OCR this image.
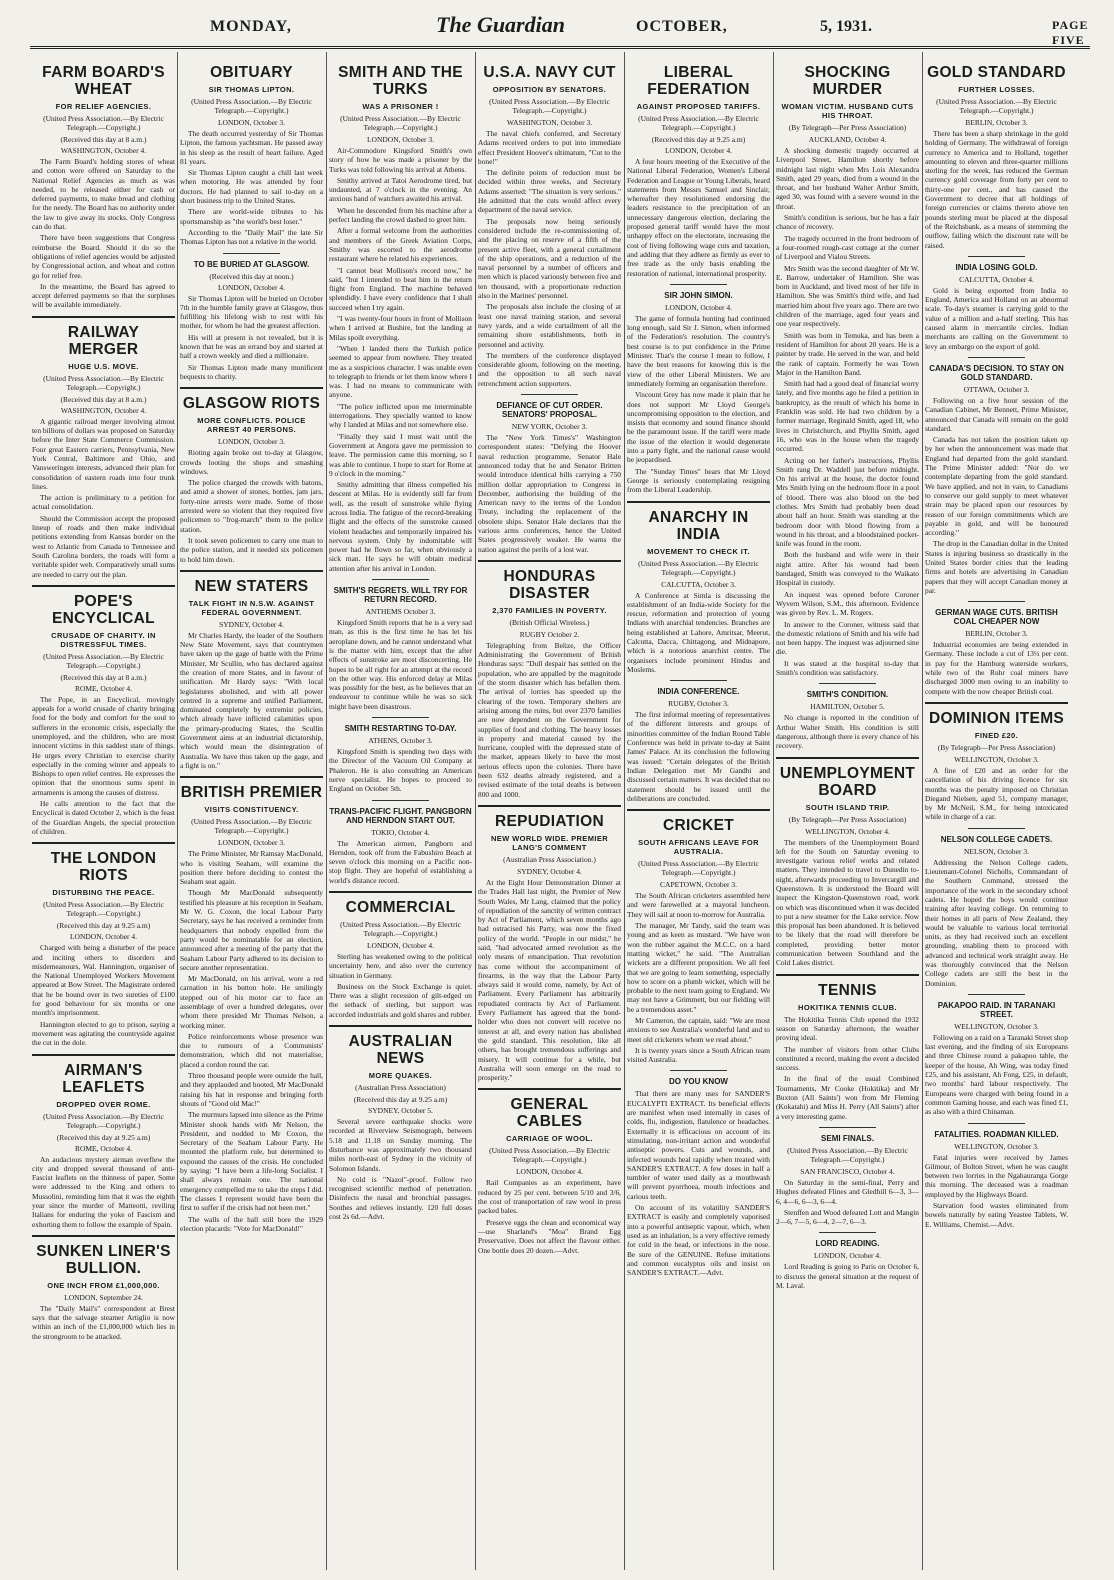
MONDAY,	The Guardian	OCTOBER,	5, 1931.	PAGE FIVE
FARM BOARD'S WHEAT
FOR RELIEF AGENCIES.
(United Press Association.—By Electric Telegraph.—Copyright.)
(Received this day at 8 a.m.)
WASHINGTON, October 4.

The Farm Board's holding stores of wheat and cotton were offered on Saturday to the National Relief Agencies as much as was needed, to be released either for cash or deferred payments, to make bread and clothing for the needy. The Board has no authority under the law to give away its stocks. Only Congress can do that.

There have been suggestions that Congress reimburse the Board. Should it do so the obligations of relief agencies would be adjusted by Congressional action, and wheat and cotton go for relief free.

In the meantime, the Board has agreed to accept deferred payments so that the surpluses will be available immediately.

RAILWAY MERGER
HUGE U.S. MOVE.
(United Press Association.—By Electric Telegraph.—Copyright.)
(Received this day at 8 a.m.)
WASHINGTON, October 4.

A gigantic railroad merger involving almost ten billions of dollars was proposed on Saturday before the Inter State Commerce Commission. Four great Eastern carriers, Pennsylvania, New York Central, Baltimore and Ohio, and Vansweringen interests, advanced their plan for consolidation of eastern roads into four trunk lines.

The action is preliminary to a petition for actual consolidation.

Should the Commission accept the proposed lineup of roads and then make individual petitions extending from Kansas border on the west to Atlantic from Canada to Tennessee and South Carolina borders, the roads will form a veritable spider web. Comparatively small sums are needed to carry out the plan.

POPE'S ENCYCLICAL
CRUSADE OF CHARITY. IN DISTRESSFUL TIMES.
(United Press Association.—By Electric Telegraph.—Copyright.)
(Received this day at 8 a.m.)
ROME, October 4.

The Pope, in an Encyclical, movingly appeals for a world crusade of charity bringing food for the body and comfort for the soul to sufferers in the economic crisis, especially the unemployed, and the children, who are most innocent victims in this saddest state of things. He urges every Christian to exercise charity especially in the coming winter and appeals to Bishops to open relief centres. He expresses the opinion that the enormous sums spent in armaments is among the causes of distress.

He calls attention to the fact that the Encyclical is dated October 2, which is the feast of the Guardian Angels, the special protection of children.

THE LONDON RIOTS
DISTURBING THE PEACE.
(United Press Association.—By Electric Telegraph.—Copyright.)
(Received this day at 9.25 a.m)
LONDON, October 4.

Charged with being a disturber of the peace and inciting others to disorders and misdemeanours, Wal. Hannington, organiser of the National Unemployed Workers Movement appeared at Bow Street. The Magistrate ordered that he be bound over in two sureties of £100 for good behaviour for six months or one month's imprisonment.

Hannington elected to go to prison, saying a movement was agitating the countryside against the cut in the dole.

AIRMAN'S LEAFLETS
DROPPED OVER ROME.
(United Press Association.—By Electric Telegraph.—Copyright.)
(Received this day at 9.25 a.m)
ROME, October 4.

An audacious mystery airman overflew the city and dropped several thousand of anti-Fascist leaflets on the thinness of paper. Some were addressed to the King and others to Mussolini, reminding him that it was the eighth year since the murder of Matteotti, reviling Italians for enduring the yoke of Fascism and exhorting them to follow the example of Spain.

SUNKEN LINER'S BULLION.
ONE INCH FROM £1,000,000.
LONDON, September 24.

The "Daily Mail's" correspondent at Brest says that the salvage steamer Artiglio is now within an inch of the £1,000,000 which lies in the strongroom to be attacked.

OBITUARY
SIR THOMAS LIPTON.
(United Press Association.—By Electric Telegraph.—Copyright.)
LONDON, October 3.

The death occurred yesterday of Sir Thomas Lipton, the famous yachtsman. He passed away in his sleep as the result of heart failure. Aged 81 years.

Sir Thomas Lipton caught a chill last week when motoring. He was attended by four doctors. He had planned to sail to-day on a short business trip to the United States.

There are world-wide tributes to his sportsmanship as "the world's best loser."

According to the "Daily Mail" the late Sir Thomas Lipton has not a relative in the world.

TO BE BURIED AT GLASGOW.
(Received this day at noon.)
LONDON, October 4.

Sir Thomas Lipton will be buried on October 7th in the humble family grave at Glasgow, thus fulfilling his lifelong wish to rest with his mother, for whom he had the greatest affection.

His will at present is not revealed, but it is known that he was an errand boy and started at half a crown weekly and died a millionaire.

Sir Thomas Lipton made many munificent bequests to charity.

GLASGOW RIOTS
MORE CONFLICTS. POLICE ARREST 40 PERSONS.
LONDON, October 3.

Rioting again broke out to-day at Glasgow, crowds looting the shops and smashing windows.

The police charged the crowds with batons, and amid a shower of stones, bottles, jam jars, forty-nine arrests were made. Some of those arrested were so violent that they required five policemen to "frog-march" them to the police station.

It took seven policemen to carry one man to the police station, and it needed six policemen to hold him down.

NEW STATERS
TALK FIGHT IN N.S.W. AGAINST FEDERAL GOVERNMENT.
SYDNEY, October 4.

Mr Charles Hardy, the leader of the Southern New State Movement, says that countrymen have taken up the gage of battle with the Prime Minister, Mr Scullin, who has declared against the creation of more States, and in favour of unification. Mr Hardy says: "With local legislatures abolished, and with all power centred in a supreme and unified Parliament, dominated completely by extremist policies, which already have inflicted calamities upon the primary-producing States, the Scullin Government aims at an industrial dictatorship, which would mean the disintegration of Australia. We have thus taken up the gage, and a fight is on."

BRITISH PREMIER
VISITS CONSTITUENCY.
(United Press Association.—By Electric Telegraph.—Copyright.)
LONDON, October 3.

The Prime Minister, Mr Ramsay MacDonald, who is visiting Seaham, will examine the position there before deciding to contest the Seaham seat again.

Though Mr MacDonald subsequently testified his pleasure at his reception in Seaham, Mr W. G. Coxon, the local Labour Party Secretary, says he has received a reminder from headquarters that nobody expelled from the party would be nominatable for an election, announced after a meeting of the party that the Seaham Labour Party adhered to its decision to secure another representation.

Mr MacDonald, on his arrival, wore a red carnation in his button hole. He smilingly stepped out of his motor car to face an assemblage of over a hundred delegates, over whom there presided Mr Thomas Nelson, a working miner.

Police reinforcements whose presence was due to rumours of a Communists' demonstration, which did not materialise, placed a cordon round the car.

Three thousand people were outside the hall, and they applauded and hooted, Mr MacDonald raising his hat in response and bringing forth shouts of "Good old Mac!"

The murmurs lapsed into silence as the Prime Minister shook hands with Mr Nelson, the President, and nodded to Mr Coxon, the Secretary of the Seaham Labour Party. He mounted the platform rule, but determined to expound the causes of the crisis. He concluded by saying: "I have been a life-long Socialist. I shall always remain one. The national emergency compelled me to take the steps I did. The classes I represent would have been the first to suffer if the crisis had not been met."

The walls of the hall still bore the 1929 election placards: "Vote for MacDonald!"

SMITH AND THE TURKS
WAS A PRISONER !
(United Press Association.—By Electric Telegraph.—Copyright.)
LONDON, October 3.

Air-Commodore Kingsford Smith's own story of how he was made a prisoner by the Turks was told following his arrival at Athens.

Smithy arrived at Tatoi Aerodrome tired, but undaunted, at 7 o'clock in the evening. An anxious band of watchers awaited his arrival.

When he descended from his machine after a perfect landing the crowd dashed to greet him.

After a formal welcome from the authorities and members of the Greek Aviation Corps, Smithy was escorted to the aerodrome restaurant where he related his experiences.

"I cannot beat Mollison's record now," he said, "but I intended to beat him in the return flight from England. The machine behaved splendidly. I have every confidence that I shall succeed when I try again.

"I was twenty-four hours in front of Mollison when I arrived at Bushire, but the landing at Milas spoilt everything.

"When I landed there the Turkish police seemed to appear from nowhere. They treated me as a suspicious character. I was unable even to telegraph to friends or let them know where I was. I had no means to communicate with anyone.

"The police inflicted upon me interminable interrogations. They specially wanted to know why I landed at Milas and not somewhere else.

"Finally they said I must wait until the Government at Angora gave me permission to leave. The permission came this morning, so I was able to continue. I hope to start for Rome at 9 o'clock in the morning."

Smithy admitting that illness compelled his descent at Milas. He is evidently still far from well, as the result of sunstroke while flying across India. The fatigue of the record-breaking flight and the effects of the sunstroke caused violent headaches and temporarily impaired his nervous system. Only by indomitable will power had he flown so far, when obviously a sick man. He says he will obtain medical attention after his arrival in London.

SMITH'S REGRETS. WILL TRY FOR RETURN RECORD.
ANTHEMS October 3.

Kingsford Smith reports that he is a very sad man, as this is the first time he has let his aeroplane down, and he cannot understand what is the matter with him, except that the after effects of sunstroke are most disconcerting. He hopes to be all right for an attempt at the record on the other way. His enforced delay at Milas was possibly for the best, as he believes that an endeavour to continue while he was so sick might have been disastrous.

SMITH RESTARTING TO-DAY.
ATHENS, October 3.

Kingsford Smith is spending two days with the Director of the Vacuum Oil Company at Phaleron. He is also consulting an American nerve specialist. He hopes to proceed to England on October 5th.

TRANS-PACIFIC FLIGHT. PANGBORN AND HERNDON START OUT.
TOKIO, October 4.

The American airmen, Pangborn and Herndon, took off from the Fabushiro Beach at seven o'clock this morning on a Pacific non-stop flight. They are hopeful of establishing a world's distance record.

COMMERCIAL
(United Press Association.—By Electric Telegraph.—Copyright.)
LONDON, October 4.

Sterling has weakened owing to the political uncertainty here, and also over the currency situation in Germany.

Business on the Stock Exchange is quiet. There was a slight recession of gilt-edged on the setback of sterling, but support was accorded industrials and gold shares and rubber.

AUSTRALIAN NEWS
MORE QUAKES.
(Australian Press Association)
(Received this day at 9.25 a.m)
SYDNEY, October 5.

Several severe earthquake shocks were recorded at Riverview Seismograph, between 5.18 and 11.18 on Sunday morning. The disturbance was approximately two thousand miles north-east of Sydney in the vicinity of Solomon Islands.

No cold is "Nazol"-proof. Follow two recognised scientific method of penetration. Disinfects the nasal and bronchial passages. Soothes and relieves instantly. 120 full doses cost 2s 6d.—Advt.

U.S.A. NAVY CUT
OPPOSITION BY SENATORS.
(United Press Association.—By Electric Telegraph.—Copyright.)
WASHINGTON, October 3.

The naval chiefs conferred, and Secretary Adams received orders to put into immediate effect President Hoover's ultimatum, "Cut to the bone!"

The definite points of reduction must be decided within three weeks, and Secretary Adams asserted: "The situation is very serious." He admitted that the cuts would affect every department of the naval service.

The proposals now being seriously considered include the re-commissioning of, and the placing on reserve of a fifth of the present active fleet, with a general curtailment of the ship operations, and a reduction of the naval personnel by a number of officers and men which is placed variously between five and ten thousand, with a proportionate reduction also in the Marines' personnel.

The proposals also include the closing of at least one naval training station, and several navy yards, and a wide curtailment of all the remaining shore establishments, both in personnel and activity.

The members of the conference displayed considerable gloom, following on the meeting, and the opposition to all such naval retrenchment action supporters.

DEFIANCE OF CUT ORDER. SENATORS' PROPOSAL.
NEW YORK, October 3.

The "New York Times's" Washington correspondent states: "Defying the Hoover naval reduction programme, Senator Hale announced today that he and Senator Britten would introduce identical bills carrying a 750 million dollar appropriation to Congress in December, authorising the building of the American navy to the terms of the London Treaty, including the replacement of the obsolete ships. Senator Hale declares that the various arms conferences, hence the United States progressively weaker. He warns the nation against the perils of a lost war.

HONDURAS DISASTER
2,370 FAMILIES IN POVERTY.
(British Official Wireless.)
RUGBY October 2.

Telegraphing from Belize, the Officer Administrating the Government of British Honduras says: "Dull despair has settled on the population, who are appalled by the magnitude of the storm disaster which has befallen them. The arrival of lorries has speeded up the clearing of the town. Temporary shelters are arising among the ruins, but over 2370 families are now dependent on the Government for supplies of food and clothing. The heavy losses in property and material caused by the hurricane, coupled with the depressed state of the market, appears likely to have the most serious effects upon the colonies. There have been 632 deaths already registered, and a revised estimate of the total deaths is between 800 and 1000.

REPUDIATION
NEW WORLD WIDE. PREMIER LANG'S COMMENT
(Australian Press Association.)
SYDNEY, October 4.

At the Eight Hour Demonstration Dinner at the Trades Hall last night, the Premier of New South Wales, Mr Lang, claimed that the policy of repudiation of the sanctity of written contract by Act of Parliament, which seven months ago had ostracised his Party, was now the fixed policy of the world. "People in our midst," he said, "had advocated armed revolution as the only means of emancipation. That revolution has come without the accompaniment of firearms, in the way that the Labour Party always said it would come, namely, by Act of Parliament. Every Parliament has arbitrarily repudiated contracts by Act of Parliament. Every Parliament has agreed that the bond-holder who does not convert will receive no interest at all, and every nation has abolished the gold standard. This resolution, like all others, has brought tremendous sufferings and misery. It will continue for a while, but Australia will soon emerge on the road to prosperity."

GENERAL CABLES
CARRIAGE OF WOOL.
(United Press Association.—By Electric Telegraph.—Copyright.)
LONDON, October 4.

Rail Companies as an experiment, have reduced by 25 per cent. between 5/10 and 3/6, the cost of transportation of raw wool in press packed bales.

Preserve eggs the clean and economical way—use Sharland's "Moa" Brand Egg Preservative. Does not affect the flavour either. One bottle does 20 dozen.—Advt.

LIBERAL FEDERATION
AGAINST PROPOSED TARIFFS.
(United Press Association.—By Electric Telegraph.—Copyright.)
(Received this day at 9.25 a.m)
LONDON, October 4.

A four hours meeting of the Executive of the National Liberal Federation, Women's Liberal Federation and League or Young Liberals, heard statements from Messrs Samuel and Sinclair, whereafter they resolutioned endorsing the leaders resistance to the precipitation of an unnecessary dangerous election, declaring the proposed general tariff would have the most unhappy effect on the electorate, increasing the cost of living following wage cuts and taxation, and adding that they adhere as firmly as ever to free trade as the only basis enabling the restoration of national, international prosperity.

SIR JOHN SIMON.
LONDON, October 4.

The game of formula hunting had continued long enough, said Sir J. Simon, when informed of the Federation's resolution. The country's best course is to put confidence in the Prime Minister. That's the course I mean to follow, I have the best reasons for knowing this is the view of the other Liberal Ministers. We are immediately forming an organisation therefore.

Viscount Grey has now made it plain that he does not support Mr Lloyd George's uncompromising opposition to the election, and insists that economy and sound finance should be the paramount issue. If the tariff were made the issue of the election it would degenerate into a party fight, and the national cause would be jeopardised.

The "Sunday Times" hears that Mr Lloyd George is seriously contemplating resigning from the Liberal Leadership.

ANARCHY IN INDIA
MOVEMENT TO CHECK IT.
(United Press Association.—By Electric Telegraph.—Copyright.)
CALCUTTA, October 3.

A Conference at Simla is discussing the establishment of an India-wide Society for the rescue, reformation and protection of young Indians with anarchial tendencies. Branches are being established at Lahore, Amritsar, Meerut, Calcutta, Dacca, Chittagong, and Midnapore, which is a notorious anarchist centre. The organisers include prominent Hindus and Moslems.

INDIA CONFERENCE.
RUGBY, October 3.

The first informal meeting of representatives of the different interests and groups of minorities committee of the Indian Round Table Conference was held in private to-day at Saint James' Palace. At its conclusion the following was issued: "Certain delegates of the British Indian Delegation met Mr Gandhi and discussed certain matters. It was decided that no statement should be issued until the deliberations are concluded.

CRICKET
SOUTH AFRICANS LEAVE FOR AUSTRALIA.
(United Press Association.—By Electric Telegraph.—Copyright.)
CAPETOWN, October 3.

The South African cricketers assembled here and were farewelled at a mayoral luncheon. They will sail at noon to-morrow for Australia.

The manager, Mr Tandy, said the team was young and as keen as mustard. "We have won won the rubber against the M.C.C. on a hard matting wicket," he said. "The Australian wickets are a different proposition. We all feel that we are going to learn something, especially how to score on a plumb wicket, which will be probable to the next team going to England. We may not have a Grimmett, but our fielding will be a tremendous asset."

Mr Cameron, the captain, said: "We are most anxious to see Australia's wonderful land and to meet old cricketers whom we read about."

It is twenty years since a South African team visited Australia.

DO YOU KNOW

That there are many uses for SANDER'S EUCALYPTI EXTRACT. Its beneficial effects are manifest when used internally in cases of colds, flu, indigestion, flatulence or headaches. Externally it is efficacious on account of its stimulating, non-irritant action and wonderful antiseptic powers. Cuts and wounds, and infected wounds heal rapidly when treated with SANDER'S EXTRACT. A few doses in half a tumbler of water used daily as a mouthwash will prevent pyorrhoea, mouth infections and carious teeth.

On account of its volatility SANDER'S EXTRACT is easily and completely vaporised into a powerful antiseptic vapour, which, when used as an inhalation, is a very effective remedy for cold in the head, or infections in the nose. Be sure of the GENUINE. Refuse imitations and common eucalyptus oils and insist on SANDER'S EXTRACT.—Advt.

SHOCKING MURDER
WOMAN VICTIM. HUSBAND CUTS HIS THROAT.
(By Telegraph—Per Press Association)
AUCKLAND, October 4.

A shocking domestic tragedy occurred at Liverpool Street, Hamilton shortly before midnight last night when Mrs Lois Alexandra Smith, aged 29 years, died from a wound in the throat, and her husband Walter Arthur Smith, aged 30, was found with a severe wound in the throat.

Smith's condition is serious, but he has a fair chance of recovery.

The tragedy occurred in the front bedroom of a four-roomed rough-cast cottage at the corner of Liverpool and Vialou Streets.

Mrs Smith was the second daughter of Mr W. E. Barrow, undertaker of Hamilton. She was born in Auckland, and lived most of her life in Hamilton. She was Smith's third wife, and had married him about five years ago. There are two children of the marriage, aged four years and one year respectively.

Smith was born in Temuka, and has been a resident of Hamilton for about 20 years. He is a painter by trade. He served in the war, and held the rank of captain. Formerly he was Town Major in the Hamilton Band.

Smith had had a good deal of financial worry lately, and five months ago he filed a petition in bankruptcy, as the result of which his home in Franklin was sold. He had two children by a former marriage, Reginald Smith, aged 18, who lives in Christchurch, and Phyllis Smith, aged 16, who was in the house when the tragedy occurred.

Acting on her father's instructions, Phyllis Smith rang Dr. Waddell just before midnight. On his arrival at the house, the doctor found Mrs Smith lying on the bedroom floor in a pool of blood. There was also blood on the bed clothes. Mrs Smith had probably been dead about half an hour. Smith was standing at the bedroom door with blood flowing from a wound in his throat, and a bloodstained pocket-knife was found in the room.

Both the husband and wife were in their night attire. After his wound had been bandaged, Smith was conveyed to the Waikato Hospital in custody.

An inquest was opened before Coroner Wyvern Wilson, S.M., this afternoon. Evidence was given by Rev. L. M. Rogers.

In answer to the Coroner, witness said that the domestic relations of Smith and his wife had not been happy. The inquest was adjourned sine die.

It was stated at the hospital to-day that Smith's condition was satisfactory.

SMITH'S CONDITION.
HAMILTON, October 5.

No change is reported in the condition of Arthur Walter Smith. His condition is still dangerous, although there is every chance of his recovery.

UNEMPLOYMENT BOARD
SOUTH ISLAND TRIP.
(By Telegraph—Per Press Association)
WELLINGTON, October 4.

The members of the Unemployment Board left for the South on Saturday evening to investigate various relief works and related matters. They intended to travel to Dunedin to-night, afterwards proceeding to Invercargill and Queenstown. It is understood the Board will inspect the Kingston-Queenstown road, work on which was discontinued when it was decided to put a new steamer for the Lake service. Now this proposal has been abandoned. It is believed to be likely that the road will therefore be completed, providing better motor communication between Southland and the Cold Lakes district.

TENNIS
HOKITIKA TENNIS CLUB.

The Hokitika Tennis Club opened the 1932 season on Saturday afternoon, the weather proving ideal.

The number of visitors from other Clubs constituted a record, making the event a decided success.

In the final of the usual Combined Tournaments, Mr Cooke (Hokitika) and Mr Buxton (All Saints') won from Mr Fleming (Kokatahi) and Miss H. Perry (All Saints') after a very interesting game.

SEMI FINALS.
(United Press Association.—By Electric Telegraph.—Copyright.)
SAN FRANCISCO, October 4.

On Saturday in the semi-final, Perry and Hughes defeated Flines and Gledhill 6—3, 3—6, 4—6, 6—3, 6—4.

Stenffen and Wood defeated Lott and Mangin 2—6, 7—5, 6—4, 2—7, 6—3.

LORD READING.
LONDON, October 4.

Lord Reading is going to Paris on October 6, to discuss the general situation at the request of M. Laval.

GOLD STANDARD
FURTHER LOSSES.
(United Press Association.—By Electric Telegraph.—Copyright.)
BERLIN, October 3.

There has been a sharp shrinkage in the gold holding of Germany. The withdrawal of foreign currency to America and to Holland, together amounting to eleven and three-quarter millions sterling for the week, has reduced the German currency gold coverage from forty per cent to thirty-one per cent., and has caused the Government to decree that all holdings of foreign currencies or claims thereto above ten pounds sterling must be placed at the disposal of the Reichsbank, as a means of stemming the outflow, failing which the discount rate will be raised.

INDIA LOSING GOLD.
CALCUTTA, October 4.

Gold is being exported from India to England, America and Holland on an abnormal scale. To-day's steamer is carrying gold to the value of a million and a-half sterling. This has caused alarm in mercantile circles. Indian merchants are calling on the Government to levy an embargo on the export of gold.

CANADA'S DECISION. TO STAY ON GOLD STANDARD.
OTTAWA, October 3.

Following on a five hour session of the Canadian Cabinet, Mr Bennett, Prime Minister, announced that Canada will remain on the gold standard.

Canada has not taken the position taken up by her when the announcement was made that England had departed from the gold standard. The Prime Minister added: "Nor do we contemplate departing from the gold standard. We have applied, and not in vain, to Canadians to conserve our gold supply to meet whatever strain may be placed upon our resources by reason of our foreign commitments which are payable in gold, and will be honoured according."

The drop in the Canadian dollar in the United States is injuring business so drastically in the United States border cities that the leading firms and hotels are advertising in Canadian papers that they will accept Canadian money at par.

GERMAN WAGE CUTS. BRITISH COAL CHEAPER NOW
BERLIN, October 3.

Industrial economies are being extended in Germany. These include a cut of 13½ per cent. in pay for the Hamburg waterside workers, while two of the Ruhr coal miners have discharged 3000 men owing to an inability to compete with the now cheaper British coal.

DOMINION ITEMS
FINED £20.
(By Telegraph—Per Press Association)
WELLINGTON, October 3.

A fine of £20 and an order for the cancellation of his driving licence for six months was the penalty imposed on Christian Diegand Nielsen, aged 51, company manager, by Mr McNeil, S.M., for being intoxicated while in charge of a car.

NELSON COLLEGE CADETS.
NELSON, October 3.

Addressing the Nelson College cadets, Lieutenant-Colonel Nicholls, Commandant of the Southern Command, stressed the importance of the work in the secondary school cadets. He hoped the boys would continue training after leaving college. On returning to their homes in all parts of New Zealand, they would be valuable to various local territorial units, as they had received such an excellent grounding, enabling them to proceed with advanced and technical work straight away. He was thoroughly convinced that the Nelson College cadets are still the best in the Dominion.

PAKAPOO RAID. IN TARANAKI STREET.
WELLINGTON, October 3.

Following on a raid on a Taranaki Street shop last evening, and the finding of six Europeans and three Chinese round a pakapoo table, the keeper of the house, Ah Wing, was today fined £25, and his assistant, Ah Fong, £25, in default, two months' hard labour respectively. The Europeans were charged with being found in a common Gaming house, and each was fined £1, as also with a third Chinaman.

FATALITIES. ROADMAN KILLED.
WELLINGTON, October 3.

Fatal injuries were received by James Gilmour, of Bolton Street, when he was caught between two lorries in the Ngahauranga Gorge this morning. The deceased was a roadman employed by the Highways Board.

Starvation food wastes eliminated from bowels naturally by eating Yeastee Tablets, W. E. Williams, Chemist.—Advt.
